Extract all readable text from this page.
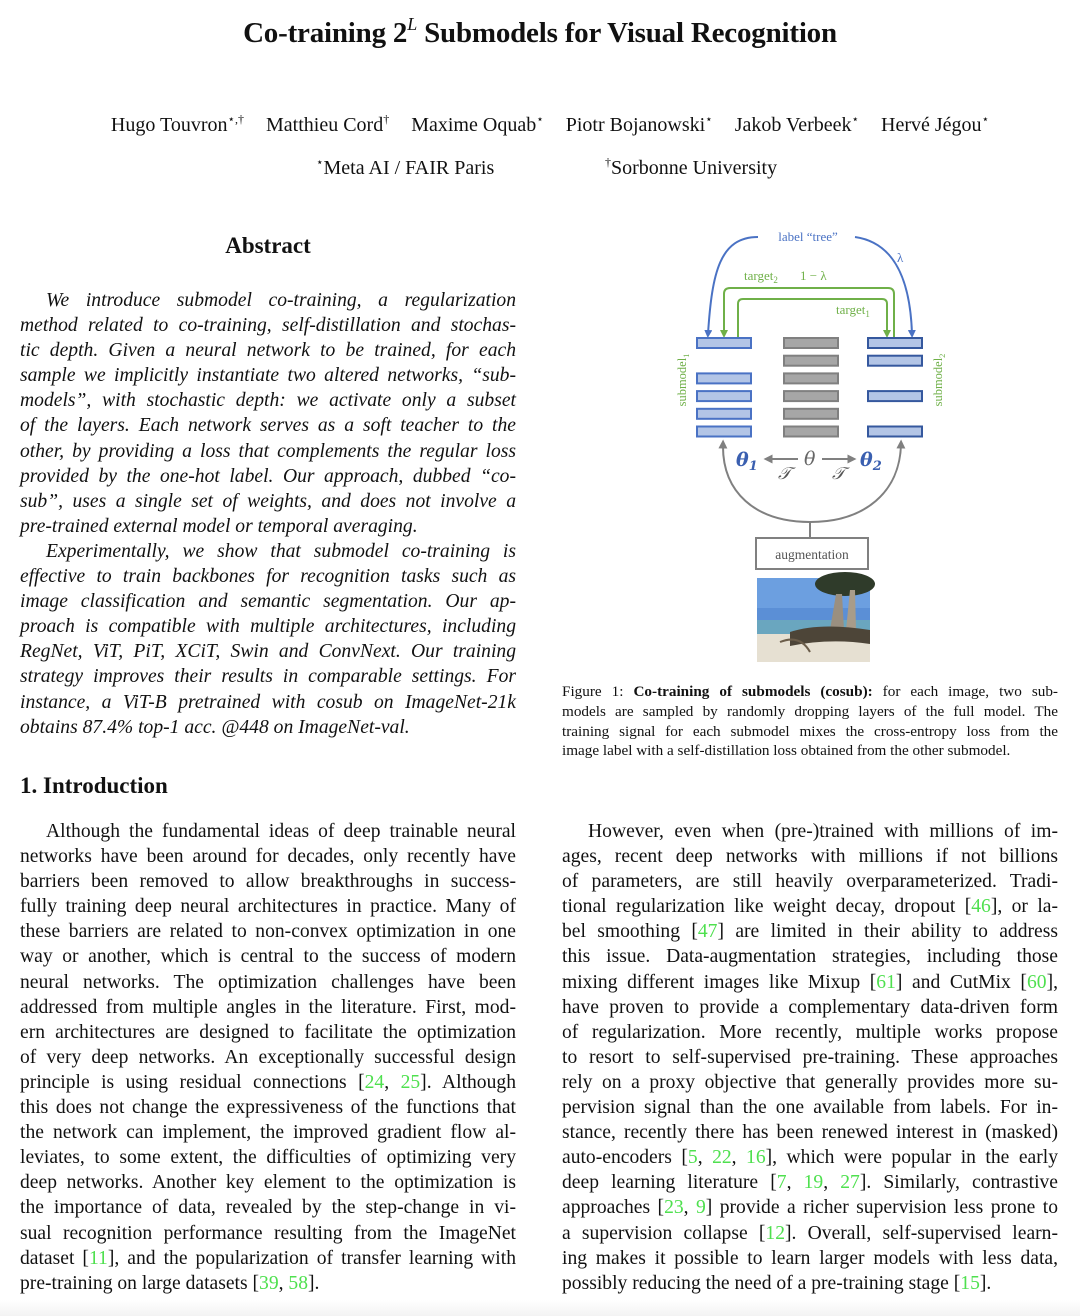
Co-training $2^L$ Submodels for Visual Recognition
Hugo Touvron⋆,† Matthieu Cord† Maxime Oquab⋆ Piotr Bojanowski⋆ Jakob Verbeek⋆ Hervé Jégou⋆
⋆Meta AI / FAIR Paris	†Sorbonne University
Abstract
We introduce submodel co-training, a regularization
method related to co-training, self-distillation and stochas-
tic depth. Given a neural network to be trained, for each
sample we implicitly instantiate two altered networks, “sub-
models”, with stochastic depth: we activate only a subset
of the layers. Each network serves as a soft teacher to the
other, by providing a loss that complements the regular loss
provided by the one-hot label. Our approach, dubbed “co-
sub”, uses a single set of weights, and does not involve a
pre-trained external model or temporal averaging.
Experimentally, we show that submodel co-training is
effective to train backbones for recognition tasks such as
image classification and semantic segmentation. Our ap-
proach is compatible with multiple architectures, including
RegNet, ViT, PiT, XCiT, Swin and ConvNext. Our training
strategy improves their results in comparable settings. For
instance, a ViT-B pretrained with cosub on ImageNet-21k
obtains 87.4% top-1 acc. @448 on ImageNet-val.
label “tree”
λ
target$_2$ 1 − λ
target$_1$
submodel$_1$
submodel$_2$
$\theta_1$ θ $\theta_2$
𝒯 𝒯
augmentation
Figure 1: Co-training of submodels (cosub): for each image, two sub-
models are sampled by randomly dropping layers of the full model. The
training signal for each submodel mixes the cross-entropy loss from the
image label with a self-distillation loss obtained from the other submodel.
1. Introduction
Although the fundamental ideas of deep trainable neural
networks have been around for decades, only recently have
barriers been removed to allow breakthroughs in success-
fully training deep neural architectures in practice. Many of
these barriers are related to non-convex optimization in one
way or another, which is central to the success of modern
neural networks. The optimization challenges have been
addressed from multiple angles in the literature. First, mod-
ern architectures are designed to facilitate the optimization
of very deep networks. An exceptionally successful design
principle is using residual connections [24, 25]. Although
this does not change the expressiveness of the functions that
the network can implement, the improved gradient flow al-
leviates, to some extent, the difficulties of optimizing very
deep networks. Another key element to the optimization is
the importance of data, revealed by the step-change in vi-
sual recognition performance resulting from the ImageNet
dataset [11], and the popularization of transfer learning with
pre-training on large datasets [39, 58].
However, even when (pre-)trained with millions of im-
ages, recent deep networks with millions if not billions
of parameters, are still heavily overparameterized. Tradi-
tional regularization like weight decay, dropout [46], or la-
bel smoothing [47] are limited in their ability to address
this issue. Data-augmentation strategies, including those
mixing different images like Mixup [61] and CutMix [60],
have proven to provide a complementary data-driven form
of regularization. More recently, multiple works propose
to resort to self-supervised pre-training. These approaches
rely on a proxy objective that generally provides more su-
pervision signal than the one available from labels. For in-
stance, recently there has been renewed interest in (masked)
auto-encoders [5, 22, 16], which were popular in the early
deep learning literature [7, 19, 27]. Similarly, contrastive
approaches [23, 9] provide a richer supervision less prone to
a supervision collapse [12]. Overall, self-supervised learn-
ing makes it possible to learn larger models with less data,
possibly reducing the need of a pre-training stage [15].
